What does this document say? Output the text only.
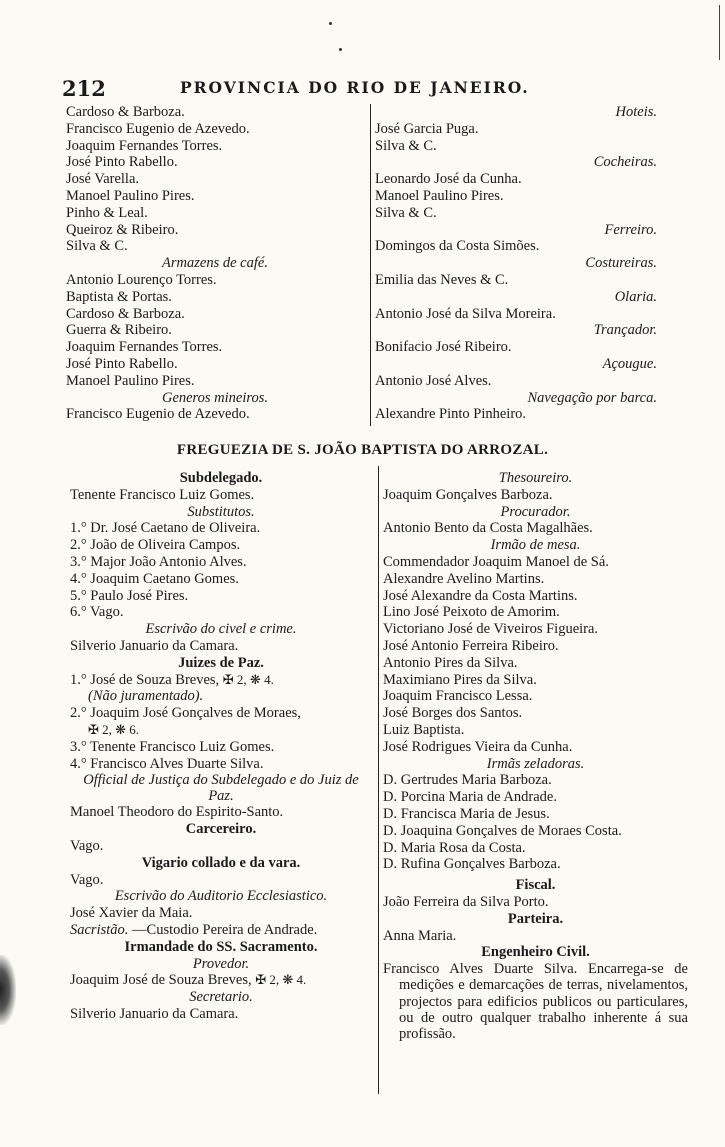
212	PROVINCIA DO RIO DE JANEIRO.
Cardoso & Barboza.
Francisco Eugenio de Azevedo.
Joaquim Fernandes Torres.
José Pinto Rabello.
José Varella.
Manoel Paulino Pires.
Pinho & Leal.
Queiroz & Ribeiro.
Silva & C.
Armazens de café.
Antonio Lourenço Torres.
Baptista & Portas.
Cardoso & Barboza.
Guerra & Ribeiro.
Joaquim Fernandes Torres.
José Pinto Rabello.
Manoel Paulino Pires.
Generos mineiros.
Francisco Eugenio de Azevedo.
Hoteis.
José Garcia Puga.
Silva & C.
Cocheiras.
Leonardo José da Cunha.
Manoel Paulino Pires.
Silva & C.
Ferreiro.
Domingos da Costa Simões.
Costureiras.
Emilia das Neves & C.
Olaria.
Antonio José da Silva Moreira.
Trançador.
Bonifacio José Ribeiro.
Açougue.
Antonio José Alves.
Navegação por barca.
Alexandre Pinto Pinheiro.
FREGUEZIA DE S. JOÃO BAPTISTA DO ARROZAL.
Subdelegado.
Tenente Francisco Luiz Gomes.
Substitutos.
1.° Dr. José Caetano de Oliveira.
2.° João de Oliveira Campos.
3.° Major João Antonio Alves.
4.° Joaquim Caetano Gomes.
5.° Paulo José Pires.
6.° Vago.
Escrivão do civel e crime.
Silverio Januario da Camara.
Juizes de Paz.
1.° José de Souza Breves, ✠ 2, ❋ 4.
(Não juramentado).
2.° Joaquim José Gonçalves de Moraes,
✠ 2, ❋ 6.
3.° Tenente Francisco Luiz Gomes.
4.° Francisco Alves Duarte Silva.
Official de Justiça do Subdelegado e do Juiz de Paz.
Manoel Theodoro do Espirito-Santo.
Carcereiro.
Vago.
Vigario collado e da vara.
Vago.
Escrivão do Auditorio Ecclesiastico.
José Xavier da Maia.
Sacristão. —Custodio Pereira de Andrade.
Irmandade do SS. Sacramento.
Provedor.
Joaquim José de Souza Breves, ✠ 2, ❋ 4.
Secretario.
Silverio Januario da Camara.
Thesoureiro.
Joaquim Gonçalves Barboza.
Procurador.
Antonio Bento da Costa Magalhães.
Irmão de mesa.
Commendador Joaquim Manoel de Sá.
Alexandre Avelino Martins.
José Alexandre da Costa Martins.
Lino José Peixoto de Amorim.
Victoriano José de Viveiros Figueira.
José Antonio Ferreira Ribeiro.
Antonio Pires da Silva.
Maximiano Pires da Silva.
Joaquim Francisco Lessa.
José Borges dos Santos.
Luiz Baptista.
José Rodrigues Vieira da Cunha.
Irmãs zeladoras.
D. Gertrudes Maria Barboza.
D. Porcina Maria de Andrade.
D. Francisca Maria de Jesus.
D. Joaquina Gonçalves de Moraes Costa.
D. Maria Rosa da Costa.
D. Rufina Gonçalves Barboza.
Fiscal.
João Ferreira da Silva Porto.
Parteira.
Anna Maria.
Engenheiro Civil.
Francisco Alves Duarte Silva. Encarrega-se de medições e demarcações de terras, nivelamentos, projectos para edificios publicos ou particulares, ou de outro qualquer trabalho inherente á sua profissão.
